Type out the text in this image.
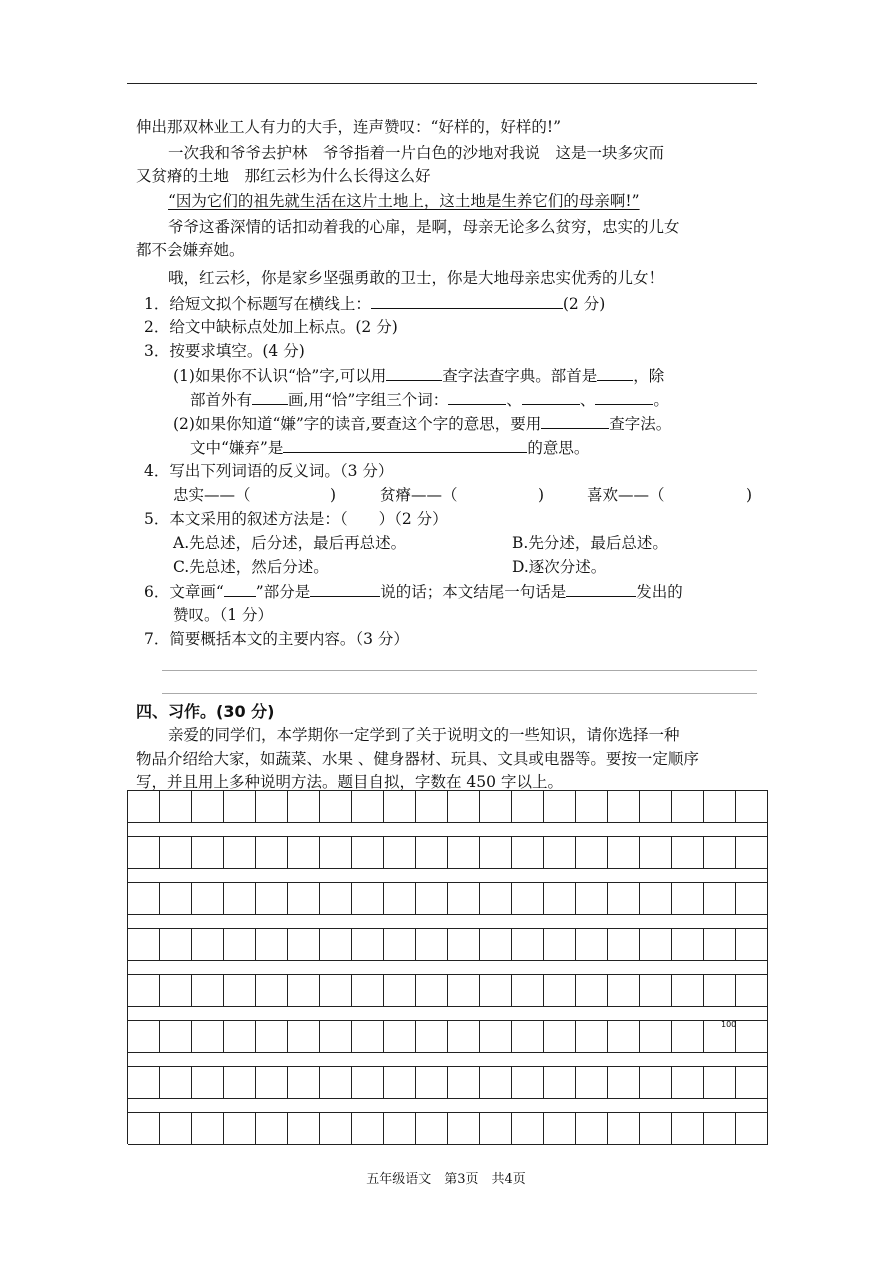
伸出那双林业工人有力的大手，连声赞叹：“好样的，好样的!”
一次我和爷爷去护林　爷爷指着一片白色的沙地对我说　这是一块多灾而
又贫瘠的土地　那红云杉为什么长得这么好
“因为它们的祖先就生活在这片土地上，这土地是生养它们的母亲啊!”
爷爷这番深情的话扣动着我的心扉，是啊，母亲无论多么贫穷，忠实的儿女
都不会嫌弃她。
哦，红云杉，你是家乡坚强勇敢的卫士，你是大地母亲忠实优秀的儿女！
1．给短文拟个标题写在横线上：	(2 分)
2．给文中缺标点处加上标点。(2 分)
3．按要求填空。(4 分)
(1)如果你不认识“恰”字,可以用	查字法查字典。部首是 ，除
部首外有 画,用“恰”字组三个词：	、	、	。
(2)如果你知道“嫌”字的读音,要查这个字的意思，要用	查字法。
文中“嫌弃”是	的意思。
4．写出下列词语的反义词。（3 分）
忠实——（	)	贫瘠——（	)	喜欢——（	)
5．本文采用的叙述方法是：（　　）（2 分）
A.先总述，后分述，最后再总述。	B.先分述，最后总述。
C.先总述，然后分述。	D.逐次分述。
6．文章画“ ”部分是	说的话；本文结尾一句话是	发出的
赞叹。（1 分）
7．简要概括本文的主要内容。（3 分）
四、习作。(30 分)
亲爱的同学们，本学期你一定学到了关于说明文的一些知识，请你选择一种
物品介绍给大家，如蔬菜、水果 、健身器材、玩具、文具或电器等。要按一定顺序
写，并且用上多种说明方法。题目自拟，字数在 450 字以上。
100
五年级语文　第3页　共4页
